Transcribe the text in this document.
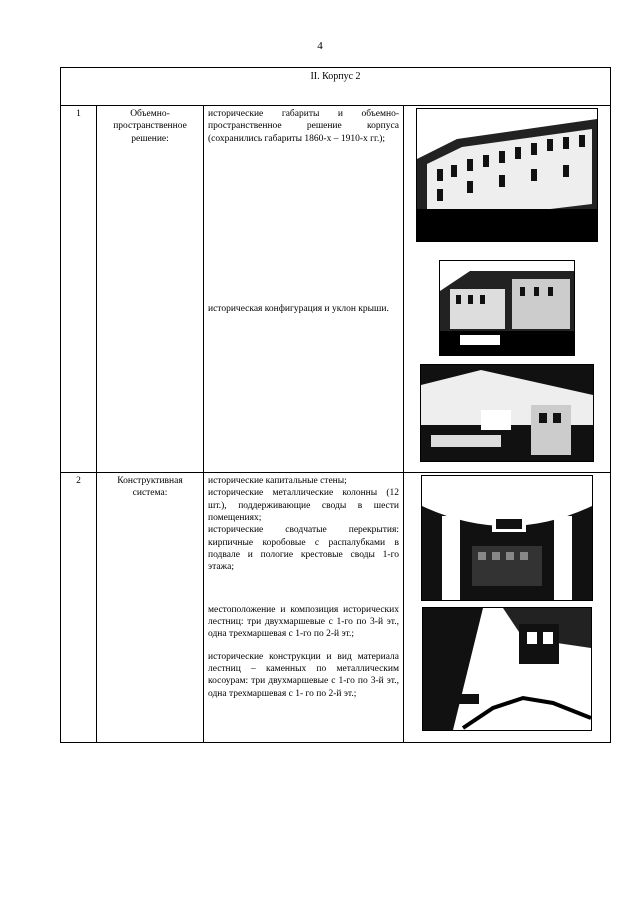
4
II. Корпус 2			
1	Объемно-пространственное решение:	исторические габариты и объемно-пространственное решение корпуса (сохранились габариты 1860-х – 1910-х гг.);

историческая конфигурация и уклон крыши.

2	Конструктивная система:	исторические капитальные стены;

исторические металлические колонны (12 шт.), поддерживающие своды в шести помещениях;

исторические сводчатые перекрытия: кирпичные коробовые с распалубками в подвале и пологие крестовые своды 1-го этажа;

местоположение и композиция исторических лестниц: три двухмаршевые с 1-го по 3-й эт., одна трехмаршевая с 1-го по 2-й эт.;

исторические конструкции и вид материала лестниц – каменных по металлическим косоурам: три двухмаршевые с 1-го по 3-й эт., одна трехмаршевая с 1- го по 2-й эт.;
